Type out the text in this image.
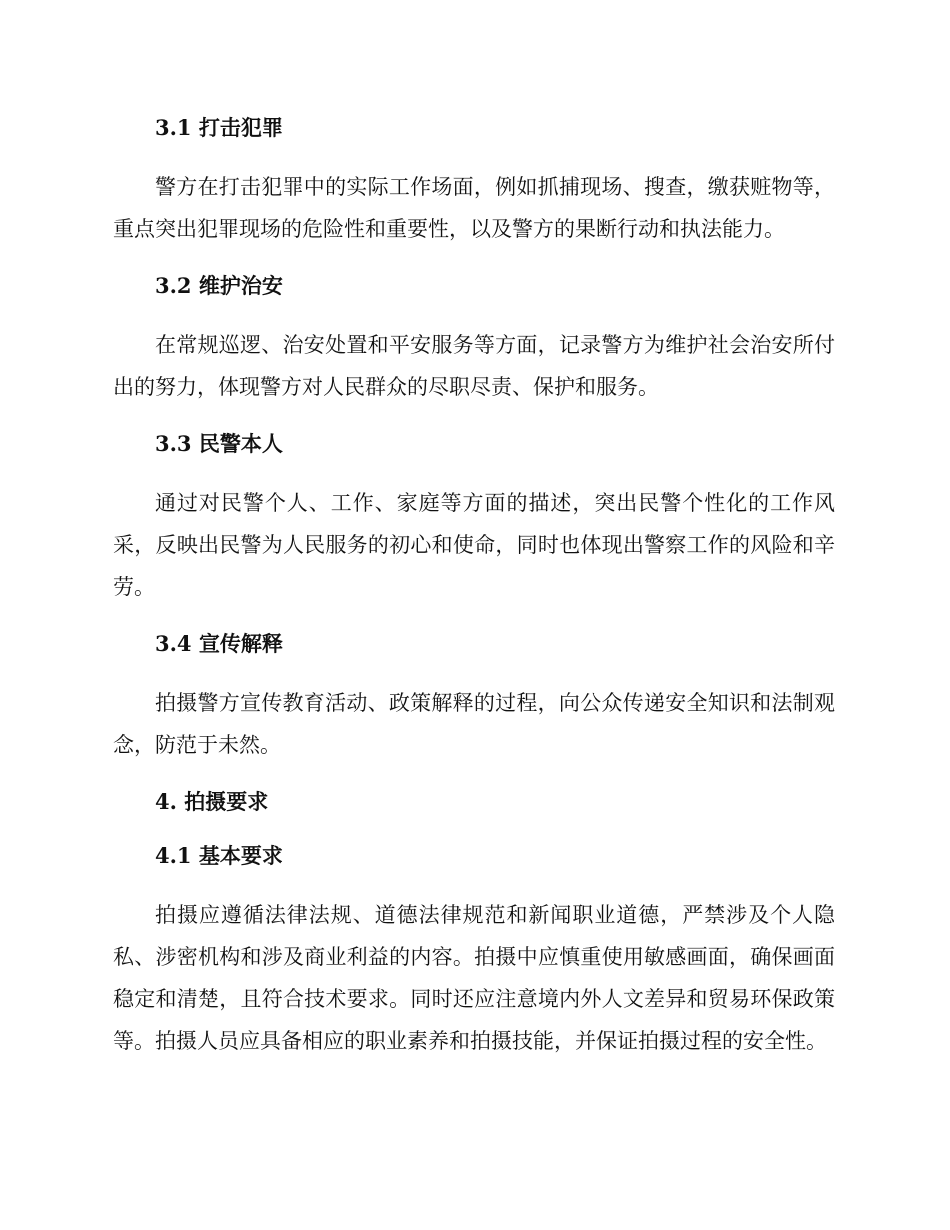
3.1 打击犯罪

警方在打击犯罪中的实际工作场面，例如抓捕现场、搜查，缴获赃物等，重点突出犯罪现场的危险性和重要性，以及警方的果断行动和执法能力。

3.2 维护治安

在常规巡逻、治安处置和平安服务等方面，记录警方为维护社会治安所付出的努力，体现警方对人民群众的尽职尽责、保护和服务。

3.3 民警本人

通过对民警个人、工作、家庭等方面的描述，突出民警个性化的工作风采，反映出民警为人民服务的初心和使命，同时也体现出警察工作的风险和辛劳。

3.4 宣传解释

拍摄警方宣传教育活动、政策解释的过程，向公众传递安全知识和法制观念，防范于未然。

4. 拍摄要求
4.1 基本要求

拍摄应遵循法律法规、道德法律规范和新闻职业道德，严禁涉及个人隐私、涉密机构和涉及商业利益的内容。拍摄中应慎重使用敏感画面，确保画面稳定和清楚，且符合技术要求。同时还应注意境内外人文差异和贸易环保政策等。拍摄人员应具备相应的职业素养和拍摄技能，并保证拍摄过程的安全性。
